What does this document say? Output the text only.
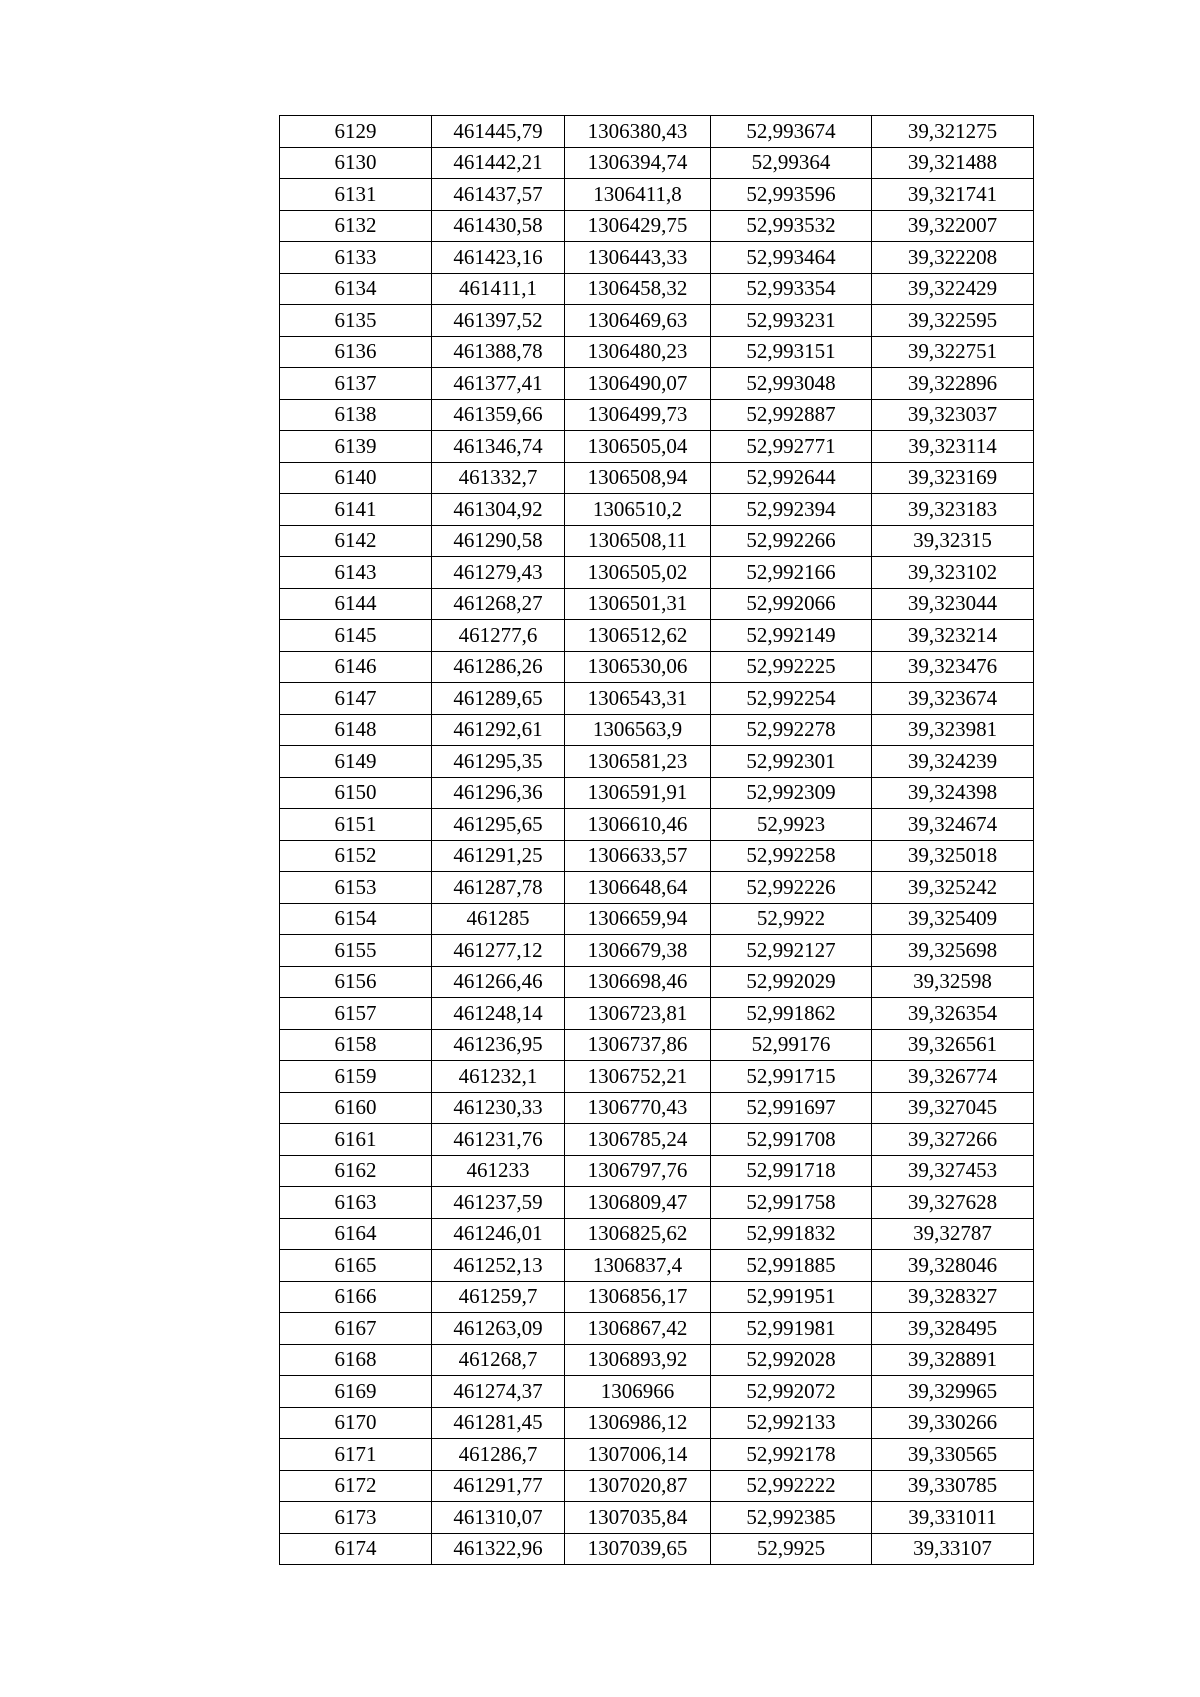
6129	461445,79	1306380,43	52,993674	39,321275
6130	461442,21	1306394,74	52,99364	39,321488
6131	461437,57	1306411,8	52,993596	39,321741
6132	461430,58	1306429,75	52,993532	39,322007
6133	461423,16	1306443,33	52,993464	39,322208
6134	461411,1	1306458,32	52,993354	39,322429
6135	461397,52	1306469,63	52,993231	39,322595
6136	461388,78	1306480,23	52,993151	39,322751
6137	461377,41	1306490,07	52,993048	39,322896
6138	461359,66	1306499,73	52,992887	39,323037
6139	461346,74	1306505,04	52,992771	39,323114
6140	461332,7	1306508,94	52,992644	39,323169
6141	461304,92	1306510,2	52,992394	39,323183
6142	461290,58	1306508,11	52,992266	39,32315
6143	461279,43	1306505,02	52,992166	39,323102
6144	461268,27	1306501,31	52,992066	39,323044
6145	461277,6	1306512,62	52,992149	39,323214
6146	461286,26	1306530,06	52,992225	39,323476
6147	461289,65	1306543,31	52,992254	39,323674
6148	461292,61	1306563,9	52,992278	39,323981
6149	461295,35	1306581,23	52,992301	39,324239
6150	461296,36	1306591,91	52,992309	39,324398
6151	461295,65	1306610,46	52,9923	39,324674
6152	461291,25	1306633,57	52,992258	39,325018
6153	461287,78	1306648,64	52,992226	39,325242
6154	461285	1306659,94	52,9922	39,325409
6155	461277,12	1306679,38	52,992127	39,325698
6156	461266,46	1306698,46	52,992029	39,32598
6157	461248,14	1306723,81	52,991862	39,326354
6158	461236,95	1306737,86	52,99176	39,326561
6159	461232,1	1306752,21	52,991715	39,326774
6160	461230,33	1306770,43	52,991697	39,327045
6161	461231,76	1306785,24	52,991708	39,327266
6162	461233	1306797,76	52,991718	39,327453
6163	461237,59	1306809,47	52,991758	39,327628
6164	461246,01	1306825,62	52,991832	39,32787
6165	461252,13	1306837,4	52,991885	39,328046
6166	461259,7	1306856,17	52,991951	39,328327
6167	461263,09	1306867,42	52,991981	39,328495
6168	461268,7	1306893,92	52,992028	39,328891
6169	461274,37	1306966	52,992072	39,329965
6170	461281,45	1306986,12	52,992133	39,330266
6171	461286,7	1307006,14	52,992178	39,330565
6172	461291,77	1307020,87	52,992222	39,330785
6173	461310,07	1307035,84	52,992385	39,331011
6174	461322,96	1307039,65	52,9925	39,33107
